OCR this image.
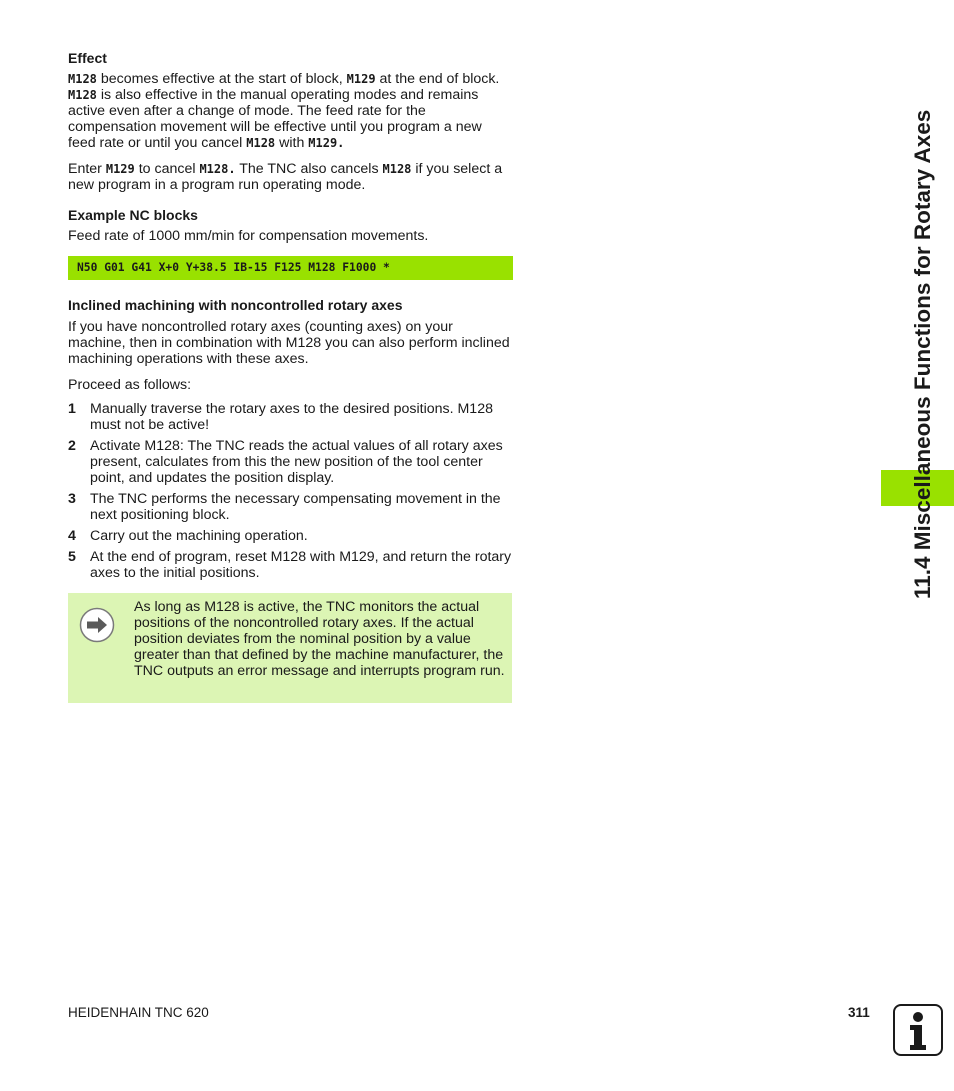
Effect

M128 becomes effective at the start of block, M129 at the end of block. M128 is also effective in the manual operating modes and remains active even after a change of mode. The feed rate for the compensation movement will be effective until you program a new feed rate or until you cancel M128 with M129.

Enter M129 to cancel M128. The TNC also cancels M128 if you select a new program in a program run operating mode.

Example NC blocks

Feed rate of 1000 mm/min for compensation movements.

N50 G01 G41 X+0 Y+38.5 IB-15 F125 M128 F1000 *

Inclined machining with noncontrolled rotary axes

If you have noncontrolled rotary axes (counting axes) on your machine, then in combination with M128 you can also perform inclined machining operations with these axes.

Proceed as follows:

1 Manually traverse the rotary axes to the desired positions. M128 must not be active!
2 Activate M128: The TNC reads the actual values of all rotary axes present, calculates from this the new position of the tool center point, and updates the position display.
3 The TNC performs the necessary compensating movement in the next positioning block.
4 Carry out the machining operation.
5 At the end of program, reset M128 with M129, and return the rotary axes to the initial positions.

As long as M128 is active, the TNC monitors the actual positions of the noncontrolled rotary axes. If the actual position deviates from the nominal position by a value greater than that defined by the machine manufacturer, the TNC outputs an error message and interrupts program run.

11.4 Miscellaneous Functions for Rotary Axes
HEIDENHAIN TNC 620	311
